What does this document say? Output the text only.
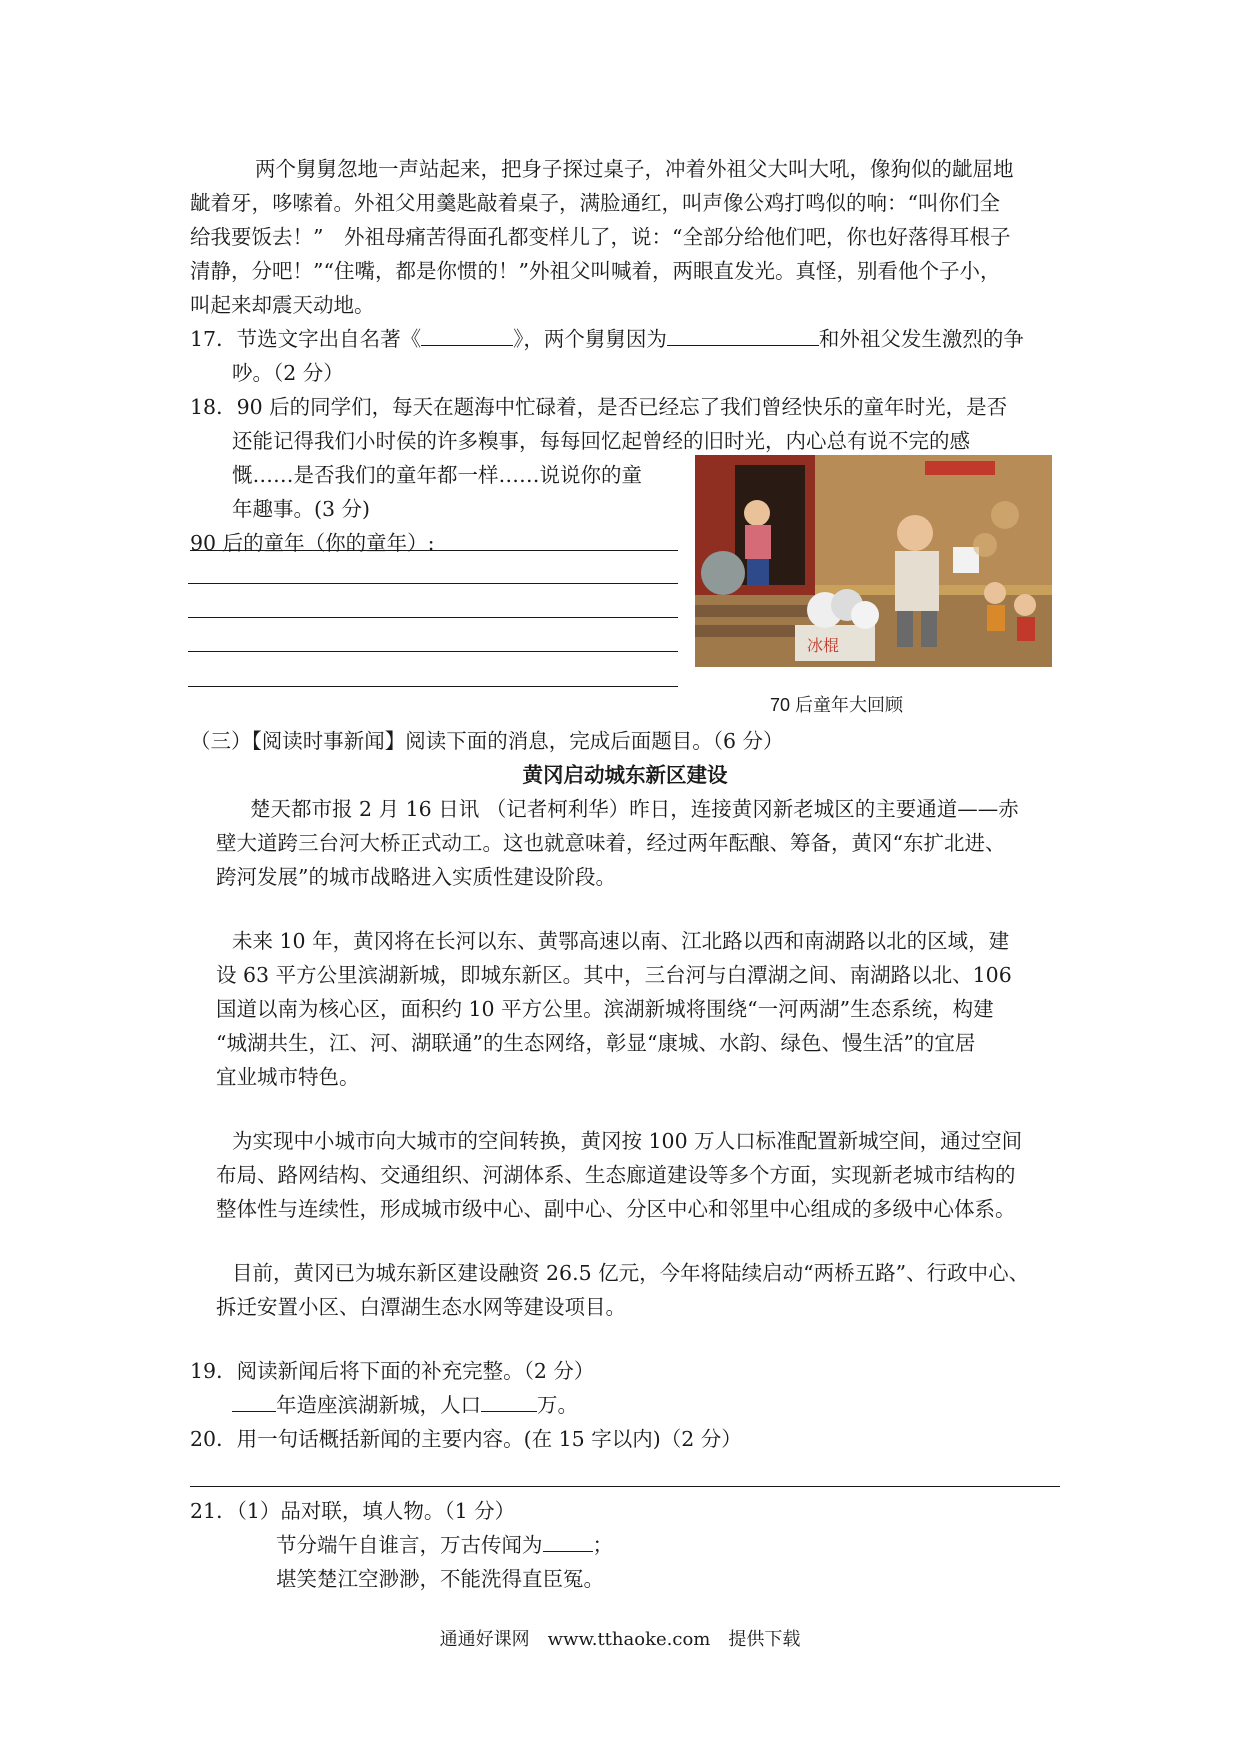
两个舅舅忽地一声站起来，把身子探过桌子，冲着外祖父大叫大吼，像狗似的龇屈地
龇着牙，哆嗦着。外祖父用羹匙敲着桌子，满脸通红，叫声像公鸡打鸣似的响：“叫你们全
给我要饭去！”　外祖母痛苦得面孔都变样儿了，说：“全部分给他们吧，你也好落得耳根子
清静，分吧！”“住嘴，都是你惯的！”外祖父叫喊着，两眼直发光。真怪，别看他个子小，
叫起来却震天动地。
17．节选文字出自名著《	》，两个舅舅因为	和外祖父发生激烈的争
吵。（2 分）
18．90 后的同学们，每天在题海中忙碌着，是否已经忘了我们曾经快乐的童年时光，是否
还能记得我们小时侯的许多糗事，每每回忆起曾经的旧时光，内心总有说不完的感
慨……是否我们的童年都一样……说说你的童
年趣事。(3 分)
90 后的童年（你的童年）:
冰棍
70 后童年大回顾
（三）【阅读时事新闻】阅读下面的消息，完成后面题目。（6 分）
黄冈启动城东新区建设
楚天都市报 2 月 16 日讯 （记者柯利华）昨日，连接黄冈新老城区的主要通道——赤
壁大道跨三台河大桥正式动工。这也就意味着，经过两年酝酿、筹备，黄冈“东扩北进、
跨河发展”的城市战略进入实质性建设阶段。
未来 10 年，黄冈将在长河以东、黄鄂高速以南、江北路以西和南湖路以北的区域，建
设 63 平方公里滨湖新城，即城东新区。其中，三台河与白潭湖之间、南湖路以北、106
国道以南为核心区，面积约 10 平方公里。滨湖新城将围绕“一河两湖”生态系统，构建
“城湖共生，江、河、湖联通”的生态网络，彰显“康城、水韵、绿色、慢生活”的宜居
宜业城市特色。
为实现中小城市向大城市的空间转换，黄冈按 100 万人口标准配置新城空间，通过空间
布局、路网结构、交通组织、河湖体系、生态廊道建设等多个方面，实现新老城市结构的
整体性与连续性，形成城市级中心、副中心、分区中心和邻里中心组成的多级中心体系。
目前，黄冈已为城东新区建设融资 26.5 亿元，今年将陆续启动“两桥五路”、行政中心、
拆迁安置小区、白潭湖生态水网等建设项目。
19．阅读新闻后将下面的补充完整。（2 分）
年造座滨湖新城，人口	万。
20．用一句话概括新闻的主要内容。(在 15 字以内)（2 分）
21．（1）品对联，填人物。（1 分）
节分端午自谁言，万古传闻为 ；
堪笑楚江空渺渺，不能洗得直臣冤。
通通好课网　www.tthaoke.com　提供下载
